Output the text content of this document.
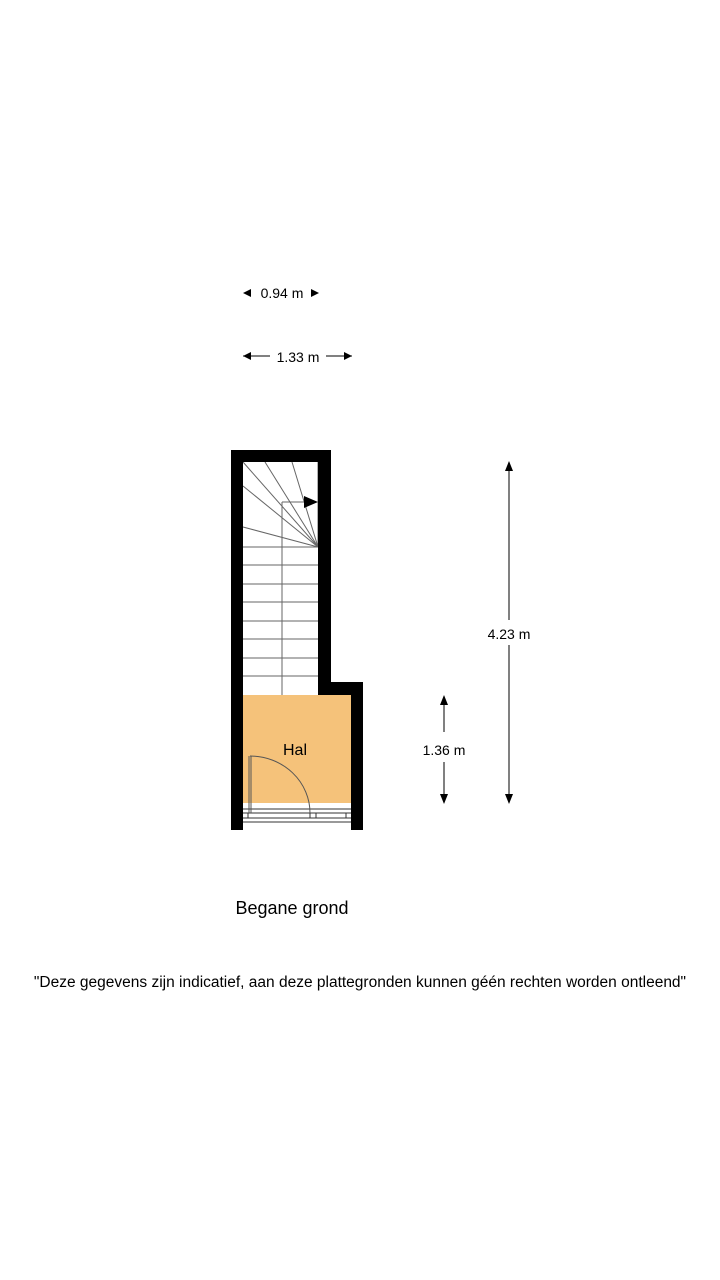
0.94 m
1.33 m
Hal
4.23 m
1.36 m
Begane grond
"Deze gegevens zijn indicatief, aan deze plattegronden kunnen géén rechten worden ontleend"
